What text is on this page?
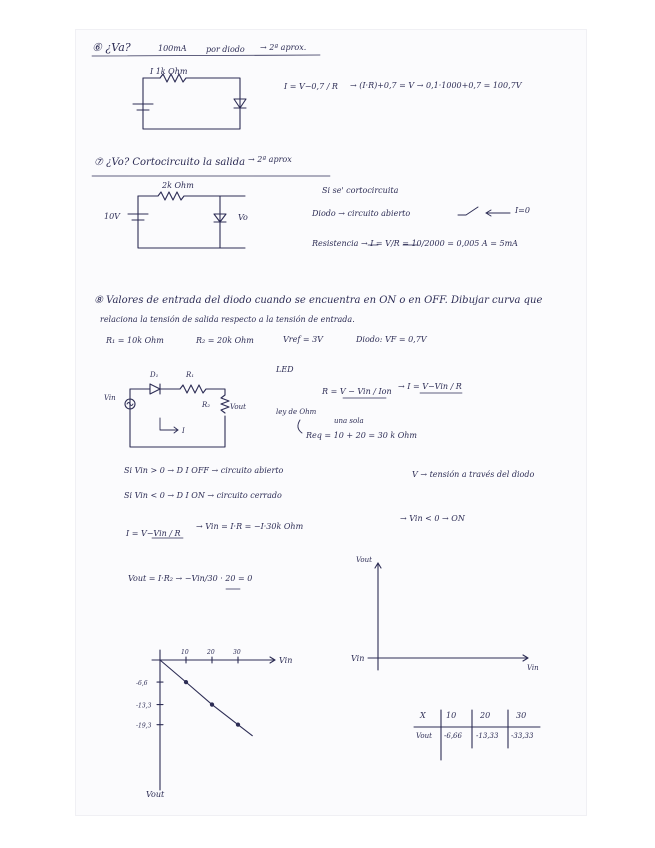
Vout
Vin
10	20	30
-6,6
-13,3
-19,3
Vout
Vin
Vin
⑥ ¿Va?	100mA por diodo → 2ª aprox.
I 1k Ohm
I = V−0,7 / R → (I·R)+0,7 = V → 0,1·1000+0,7 = 100,7V
⑦ ¿Vo? Cortocircuito la salida → 2ª aprox
2k Ohm
10V	Vo
Si se' cortocircuita
Diodo → circuito abierto	I=0
Resistencia → I = V/R = 10/2000 = 0,005 A = 5mA
⑧ Valores de entrada del diodo cuando se encuentra en ON o en OFF. Dibujar curva que
relaciona la tensión de salida respecto a la tensión de entrada.
R₁ = 10k Ohm	R₂ = 20k Ohm	Vref = 3V	Diodo: VF = 0,7V
D₁	R₁
R₂
Vin
Vout
I
LED
R = V − Vin / Ion
→ I = V−Vin / R
ley de Ohm
una sola
Req = 10 + 20 = 30 k Ohm
Si Vin > 0 → D I OFF → circuito abierto
Si Vin < 0 → D I ON → circuito cerrado
V → tensión a través del diodo
I = V−Vin / R
→ Vin = I·R = −I·30k Ohm
→ Vin < 0 → ON
Vout = I·R₂ → −Vin/30 · 20 = 0
X	10	20	30
Vout -6,66 -13,33 -33,33
